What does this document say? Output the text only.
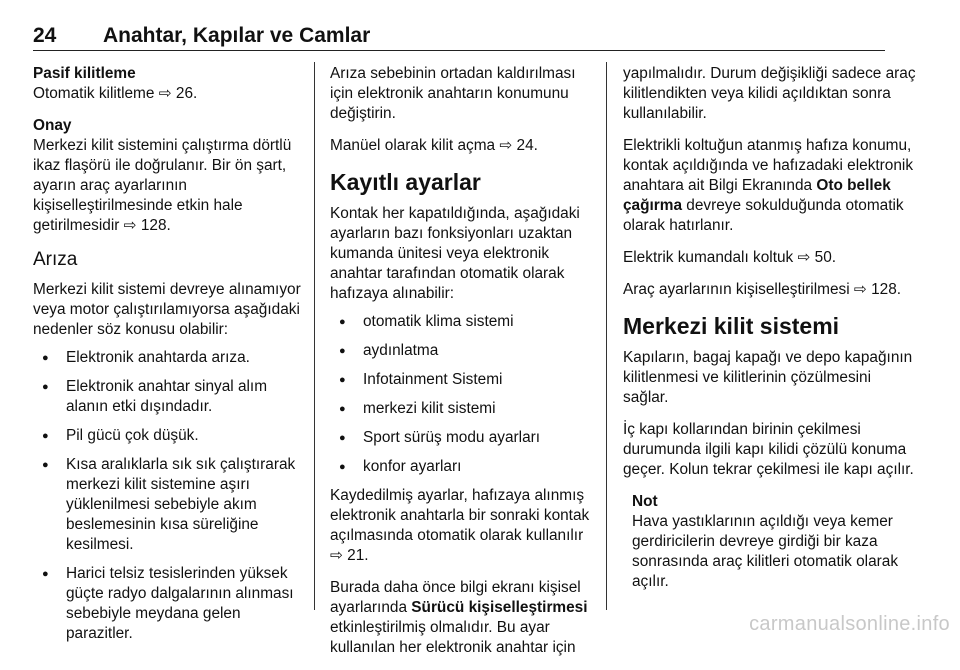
24	Anahtar, Kapılar ve Camlar
Pasif kilitleme

Otomatik kilitleme ⇨ 26.

Onay

Merkezi kilit sistemini çalıştırma dörtlü ikaz flaşörü ile doğrulanır. Bir ön şart, ayarın araç ayarlarının kişiselleştirilmesinde etkin hale getirilmesidir ⇨ 128.

Arıza

Merkezi kilit sistemi devreye alınamıyor veya motor çalıştırılamıyorsa aşağıdaki nedenler söz konusu olabilir:

● Elektronik anahtarda arıza.
● Elektronik anahtar sinyal alım alanın etki dışındadır.
● Pil gücü çok düşük.
● Kısa aralıklarla sık sık çalıştırarak merkezi kilit sistemine aşırı yüklenilmesi sebebiyle akım beslemesinin kısa süreliğine kesilmesi.
● Harici telsiz tesislerinden yüksek güçte radyo dalgalarının alınması sebebiyle meydana gelen parazitler.

Arıza sebebinin ortadan kaldırılması için elektronik anahtarın konumunu değiştirin.

Manüel olarak kilit açma ⇨ 24.

Kayıtlı ayarlar

Kontak her kapatıldığında, aşağıdaki ayarların bazı fonksiyonları uzaktan kumanda ünitesi veya elektronik anahtar tarafından otomatik olarak hafızaya alınabilir:

● otomatik klima sistemi
● aydınlatma
● Infotainment Sistemi
● merkezi kilit sistemi
● Sport sürüş modu ayarları
● konfor ayarları

Kaydedilmiş ayarlar, hafızaya alınmış elektronik anahtarla bir sonraki kontak açılmasında otomatik olarak kullanılır ⇨ 21.

Burada daha önce bilgi ekranı kişisel ayarlarında Sürücü kişiselleştirmesi etkinleştirilmiş olmalıdır. Bu ayar kullanılan her elektronik anahtar için

yapılmalıdır. Durum değişikliği sadece araç kilitlendikten veya kilidi açıldıktan sonra kullanılabilir.

Elektrikli koltuğun atanmış hafıza konumu, kontak açıldığında ve hafızadaki elektronik anahtara ait Bilgi Ekranında Oto bellek çağırma devreye sokulduğunda otomatik olarak hatırlanır.

Elektrik kumandalı koltuk ⇨ 50.

Araç ayarlarının kişiselleştirilmesi ⇨ 128.

Merkezi kilit sistemi

Kapıların, bagaj kapağı ve depo kapağının kilitlenmesi ve kilitlerinin çözülmesini sağlar.

İç kapı kollarından birinin çekilmesi durumunda ilgili kapı kilidi çözülü konuma geçer. Kolun tekrar çekilmesi ile kapı açılır.

Not

Hava yastıklarının açıldığı veya kemer gerdiricilerin devreye girdiği bir kaza sonrasında araç kilitleri otomatik olarak açılır.

carmanualsonline.info
